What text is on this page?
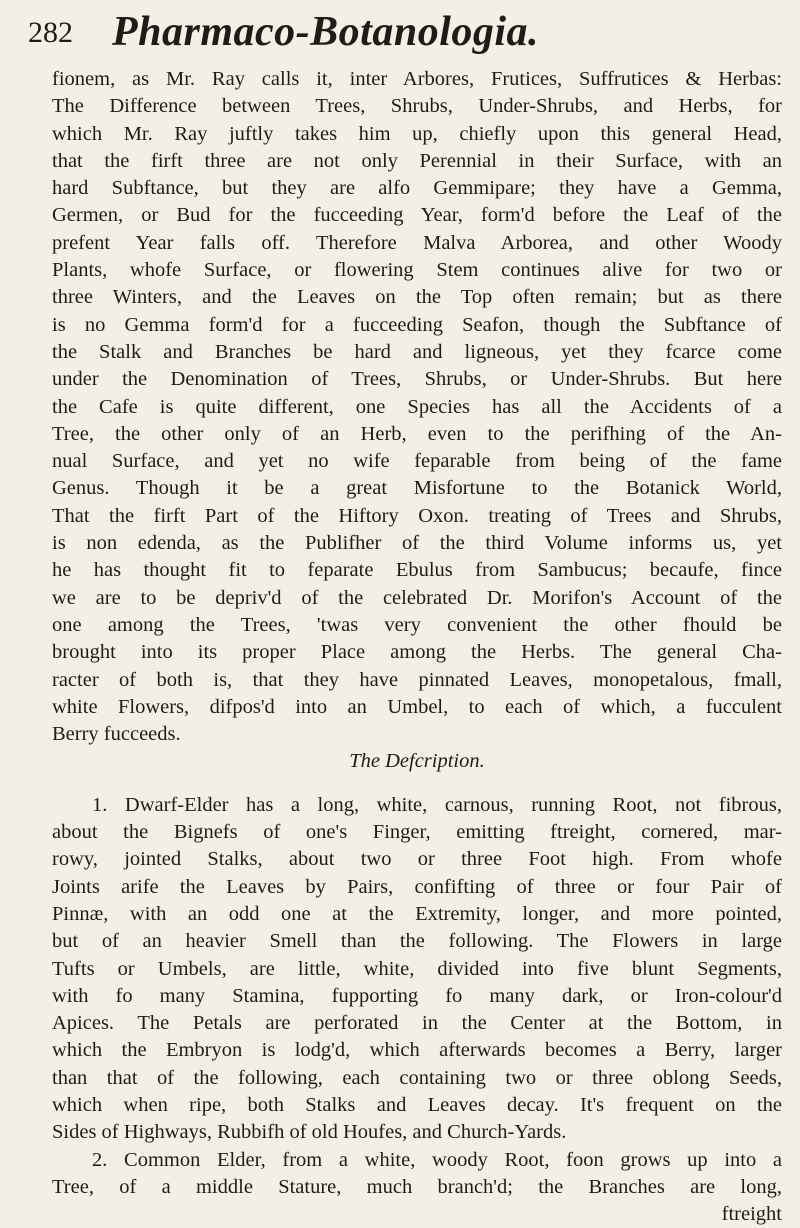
282 Pharmaco-Botanologia.
fionem, as Mr. Ray calls it, inter Arbores, Frutices, Suffrutices & Herbas:
The Difference between Trees, Shrubs, Under-Shrubs, and Herbs, for
which Mr. Ray juftly takes him up, chiefly upon this general Head,
that the firft three are not only Perennial in their Surface, with an
hard Subftance, but they are alfo Gemmipare; they have a Gemma,
Germen, or Bud for the fucceeding Year, form'd before the Leaf of the
prefent Year falls off. Therefore Malva Arborea, and other Woody
Plants, whofe Surface, or flowering Stem continues alive for two or
three Winters, and the Leaves on the Top often remain; but as there
is no Gemma form'd for a fucceeding Seafon, though the Subftance of
the Stalk and Branches be hard and ligneous, yet they fcarce come
under the Denomination of Trees, Shrubs, or Under-Shrubs. But here
the Cafe is quite different, one Species has all the Accidents of a
Tree, the other only of an Herb, even to the perifhing of the An-
nual Surface, and yet no wife feparable from being of the fame
Genus. Though it be a great Misfortune to the Botanick World,
That the firft Part of the Hiftory Oxon. treating of Trees and Shrubs,
is non edenda, as the Publifher of the third Volume informs us, yet
he has thought fit to feparate Ebulus from Sambucus; becaufe, fince
we are to be depriv'd of the celebrated Dr. Morifon's Account of the
one among the Trees, 'twas very convenient the other fhould be
brought into its proper Place among the Herbs. The general Cha-
racter of both is, that they have pinnated Leaves, monopetalous, fmall,
white Flowers, difpos'd into an Umbel, to each of which, a fucculent
Berry fucceeds.
The Defcription.
1. Dwarf-Elder has a long, white, carnous, running Root, not fibrous,
about the Bignefs of one's Finger, emitting ftreight, cornered, mar-
rowy, jointed Stalks, about two or three Foot high. From whofe
Joints arife the Leaves by Pairs, confifting of three or four Pair of
Pinnæ, with an odd one at the Extremity, longer, and more pointed,
but of an heavier Smell than the following. The Flowers in large
Tufts or Umbels, are little, white, divided into five blunt Segments,
with fo many Stamina, fupporting fo many dark, or Iron-colour'd
Apices. The Petals are perforated in the Center at the Bottom, in
which the Embryon is lodg'd, which afterwards becomes a Berry, larger
than that of the following, each containing two or three oblong Seeds,
which when ripe, both Stalks and Leaves decay. It's frequent on the
Sides of Highways, Rubbifh of old Houfes, and Church-Yards.
2. Common Elder, from a white, woody Root, foon grows up into a
Tree, of a middle Stature, much branch'd; the Branches are long,
ftreight
